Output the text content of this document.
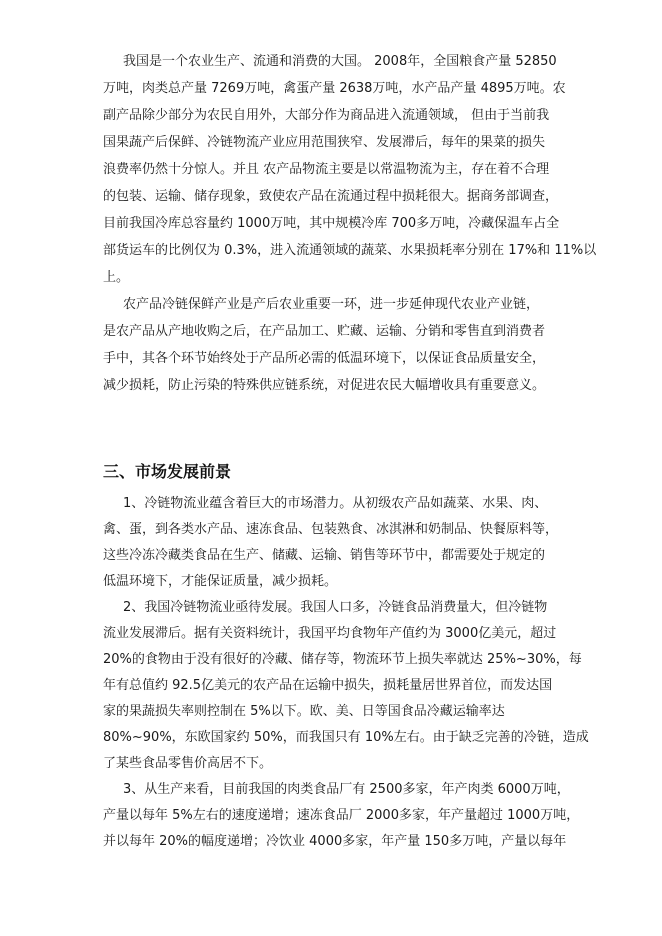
我国是一个农业生产、流通和消费的大国。 2008年，全国粮食产量 52850
万吨，肉类总产量 7269万吨，禽蛋产量 2638万吨，水产品产量 4895万吨。农
副产品除少部分为农民自用外，大部分作为商品进入流通领域， 但由于当前我
国果蔬产后保鲜、冷链物流产业应用范围狭窄、发展滞后，每年的果菜的损失
浪费率仍然十分惊人。并且 农产品物流主要是以常温物流为主，存在着不合理
的包装、运输、储存现象，致使农产品在流通过程中损耗很大。据商务部调查，
目前我国冷库总容量约 1000万吨，其中规模冷库 700多万吨，冷藏保温车占全
部货运车的比例仅为 0.3%，进入流通领域的蔬菜、水果损耗率分别在 17%和 11%以
上。
农产品冷链保鲜产业是产后农业重要一环，进一步延伸现代农业产业链，
是农产品从产地收购之后，在产品加工、贮藏、运输、分销和零售直到消费者
手中，其各个环节始终处于产品所必需的低温环境下，以保证食品质量安全，
减少损耗，防止污染的特殊供应链系统，对促进农民大幅增收具有重要意义。
三、市场发展前景
1、冷链物流业蕴含着巨大的市场潜力。从初级农产品如蔬菜、水果、肉、
禽、蛋，到各类水产品、速冻食品、包装熟食、冰淇淋和奶制品、快餐原料等，
这些冷冻冷藏类食品在生产、储藏、运输、销售等环节中，都需要处于规定的
低温环境下，才能保证质量，减少损耗。
2、我国冷链物流业亟待发展。我国人口多，冷链食品消费量大，但冷链物
流业发展滞后。据有关资料统计，我国平均食物年产值约为 3000亿美元，超过
20%的食物由于没有很好的冷藏、储存等，物流环节上损失率就达 25%~30%，每
年有总值约 92.5亿美元的农产品在运输中损失，损耗量居世界首位，而发达国
家的果蔬损失率则控制在 5%以下。欧、美、日等国食品冷藏运输率达
80%~90%，东欧国家约 50%，而我国只有 10%左右。由于缺乏完善的冷链，造成
了某些食品零售价高居不下。
3、从生产来看，目前我国的肉类食品厂有 2500多家，年产肉类 6000万吨，
产量以每年 5%左右的速度递增；速冻食品厂 2000多家，年产量超过 1000万吨，
并以每年 20%的幅度递增；冷饮业 4000多家，年产量 150多万吨，产量以每年
